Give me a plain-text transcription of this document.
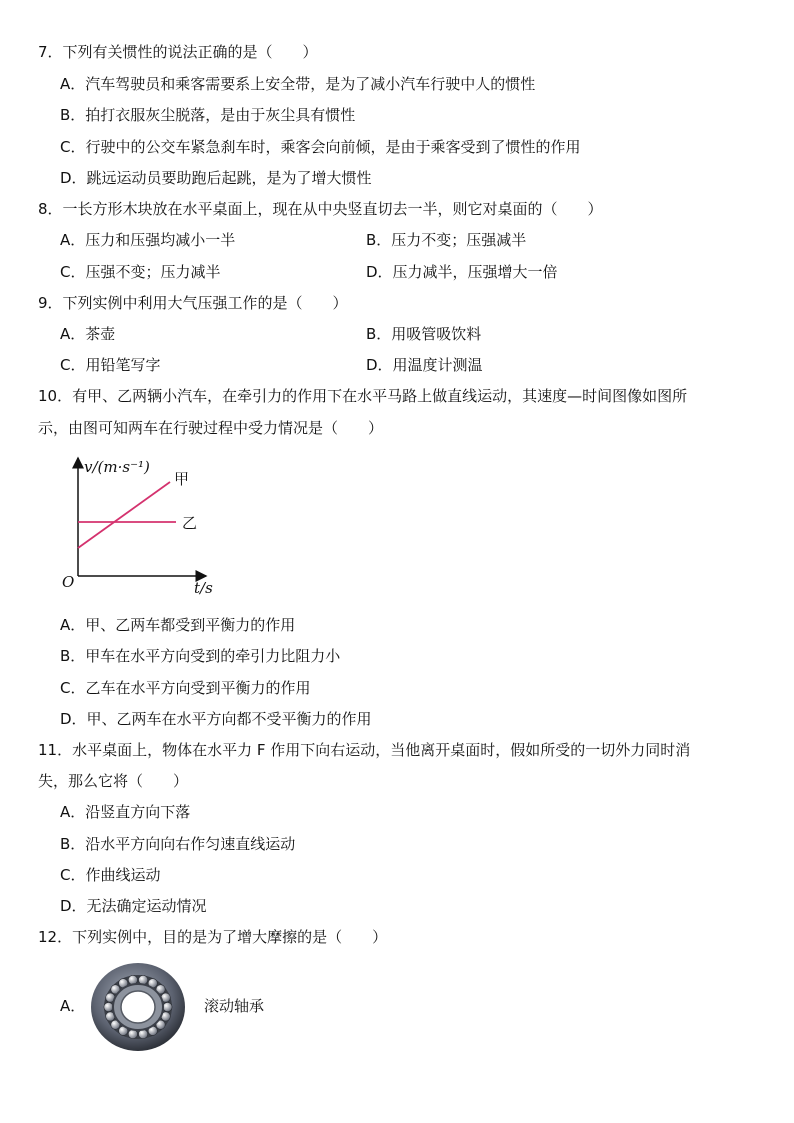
7．下列有关惯性的说法正确的是（　　）
A．汽车驾驶员和乘客需要系上安全带，是为了减小汽车行驶中人的惯性
B．拍打衣服灰尘脱落，是由于灰尘具有惯性
C．行驶中的公交车紧急刹车时，乘客会向前倾，是由于乘客受到了惯性的作用
D．跳远运动员要助跑后起跳，是为了增大惯性
8．一长方形木块放在水平桌面上，现在从中央竖直切去一半，则它对桌面的（　　）
A．压力和压强均减小一半	B．压力不变；压强减半
C．压强不变；压力减半	D．压力减半，压强增大一倍
9．下列实例中利用大气压强工作的是（　　）
A．茶壶	B．用吸管吸饮料
C．用铅笔写字	D．用温度计测温
10．有甲、乙两辆小汽车，在牵引力的作用下在水平马路上做直线运动，其速度—时间图像如图所
示，由图可知两车在行驶过程中受力情况是（　　）
v/(m·s⁻¹)
t/s
O
甲
乙
A．甲、乙两车都受到平衡力的作用
B．甲车在水平方向受到的牵引力比阻力小
C．乙车在水平方向受到平衡力的作用
D．甲、乙两车在水平方向都不受平衡力的作用
11．水平桌面上，物体在水平力 F 作用下向右运动，当他离开桌面时，假如所受的一切外力同时消
失，那么它将（　　）
A．沿竖直方向下落
B．沿水平方向向右作匀速直线运动
C．作曲线运动
D．无法确定运动情况
12．下列实例中，目的是为了增大摩擦的是（　　）
A．	滚动轴承
